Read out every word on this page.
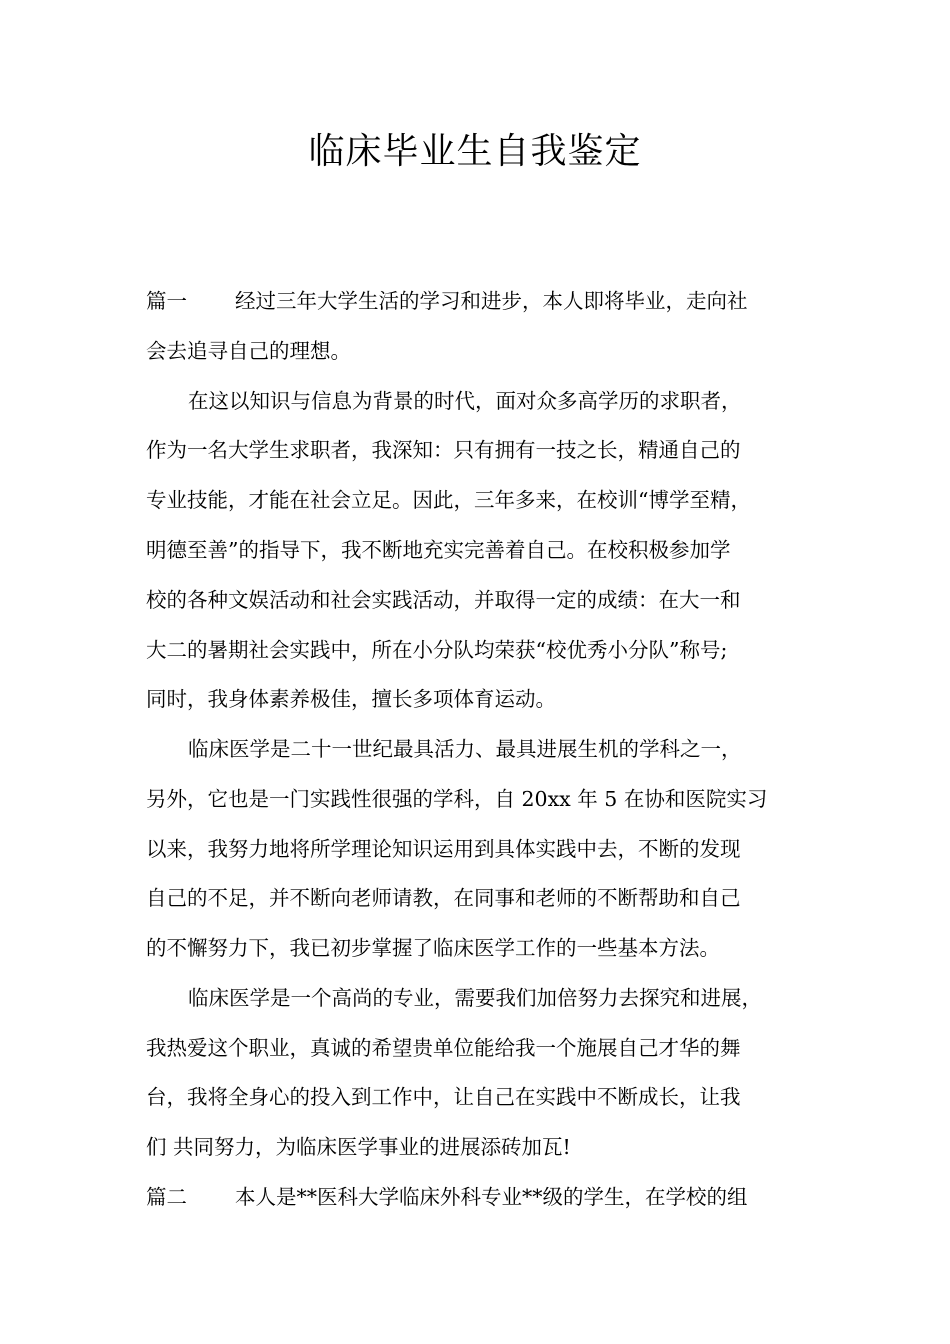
临床毕业生自我鉴定
篇一 经过三年大学生活的学习和进步，本人即将毕业，走向社
会去追寻自己的理想。
在这以知识与信息为背景的时代，面对众多高学历的求职者，
作为一名大学生求职者，我深知：只有拥有一技之长，精通自己的
专业技能，才能在社会立足。因此，三年多来，在校训“博学至精，
明德至善”的指导下，我不断地充实完善着自己。在校积极参加学
校的各种文娱活动和社会实践活动，并取得一定的成绩：在大一和
大二的暑期社会实践中，所在小分队均荣获“校优秀小分队”称号;
同时，我身体素养极佳，擅长多项体育运动。
临床医学是二十一世纪最具活力、最具进展生机的学科之一，
另外，它也是一门实践性很强的学科，自 20xx 年 5 在协和医院实习
以来，我努力地将所学理论知识运用到具体实践中去，不断的发现
自己的不足，并不断向老师请教，在同事和老师的不断帮助和自己
的不懈努力下，我已初步掌握了临床医学工作的一些基本方法。
临床医学是一个高尚的专业，需要我们加倍努力去探究和进展，
我热爱这个职业，真诚的希望贵单位能给我一个施展自己才华的舞
台，我将全身心的投入到工作中，让自己在实践中不断成长，让我
们 共同努力，为临床医学事业的进展添砖加瓦!
篇二 本人是**医科大学临床外科专业**级的学生，在学校的组
